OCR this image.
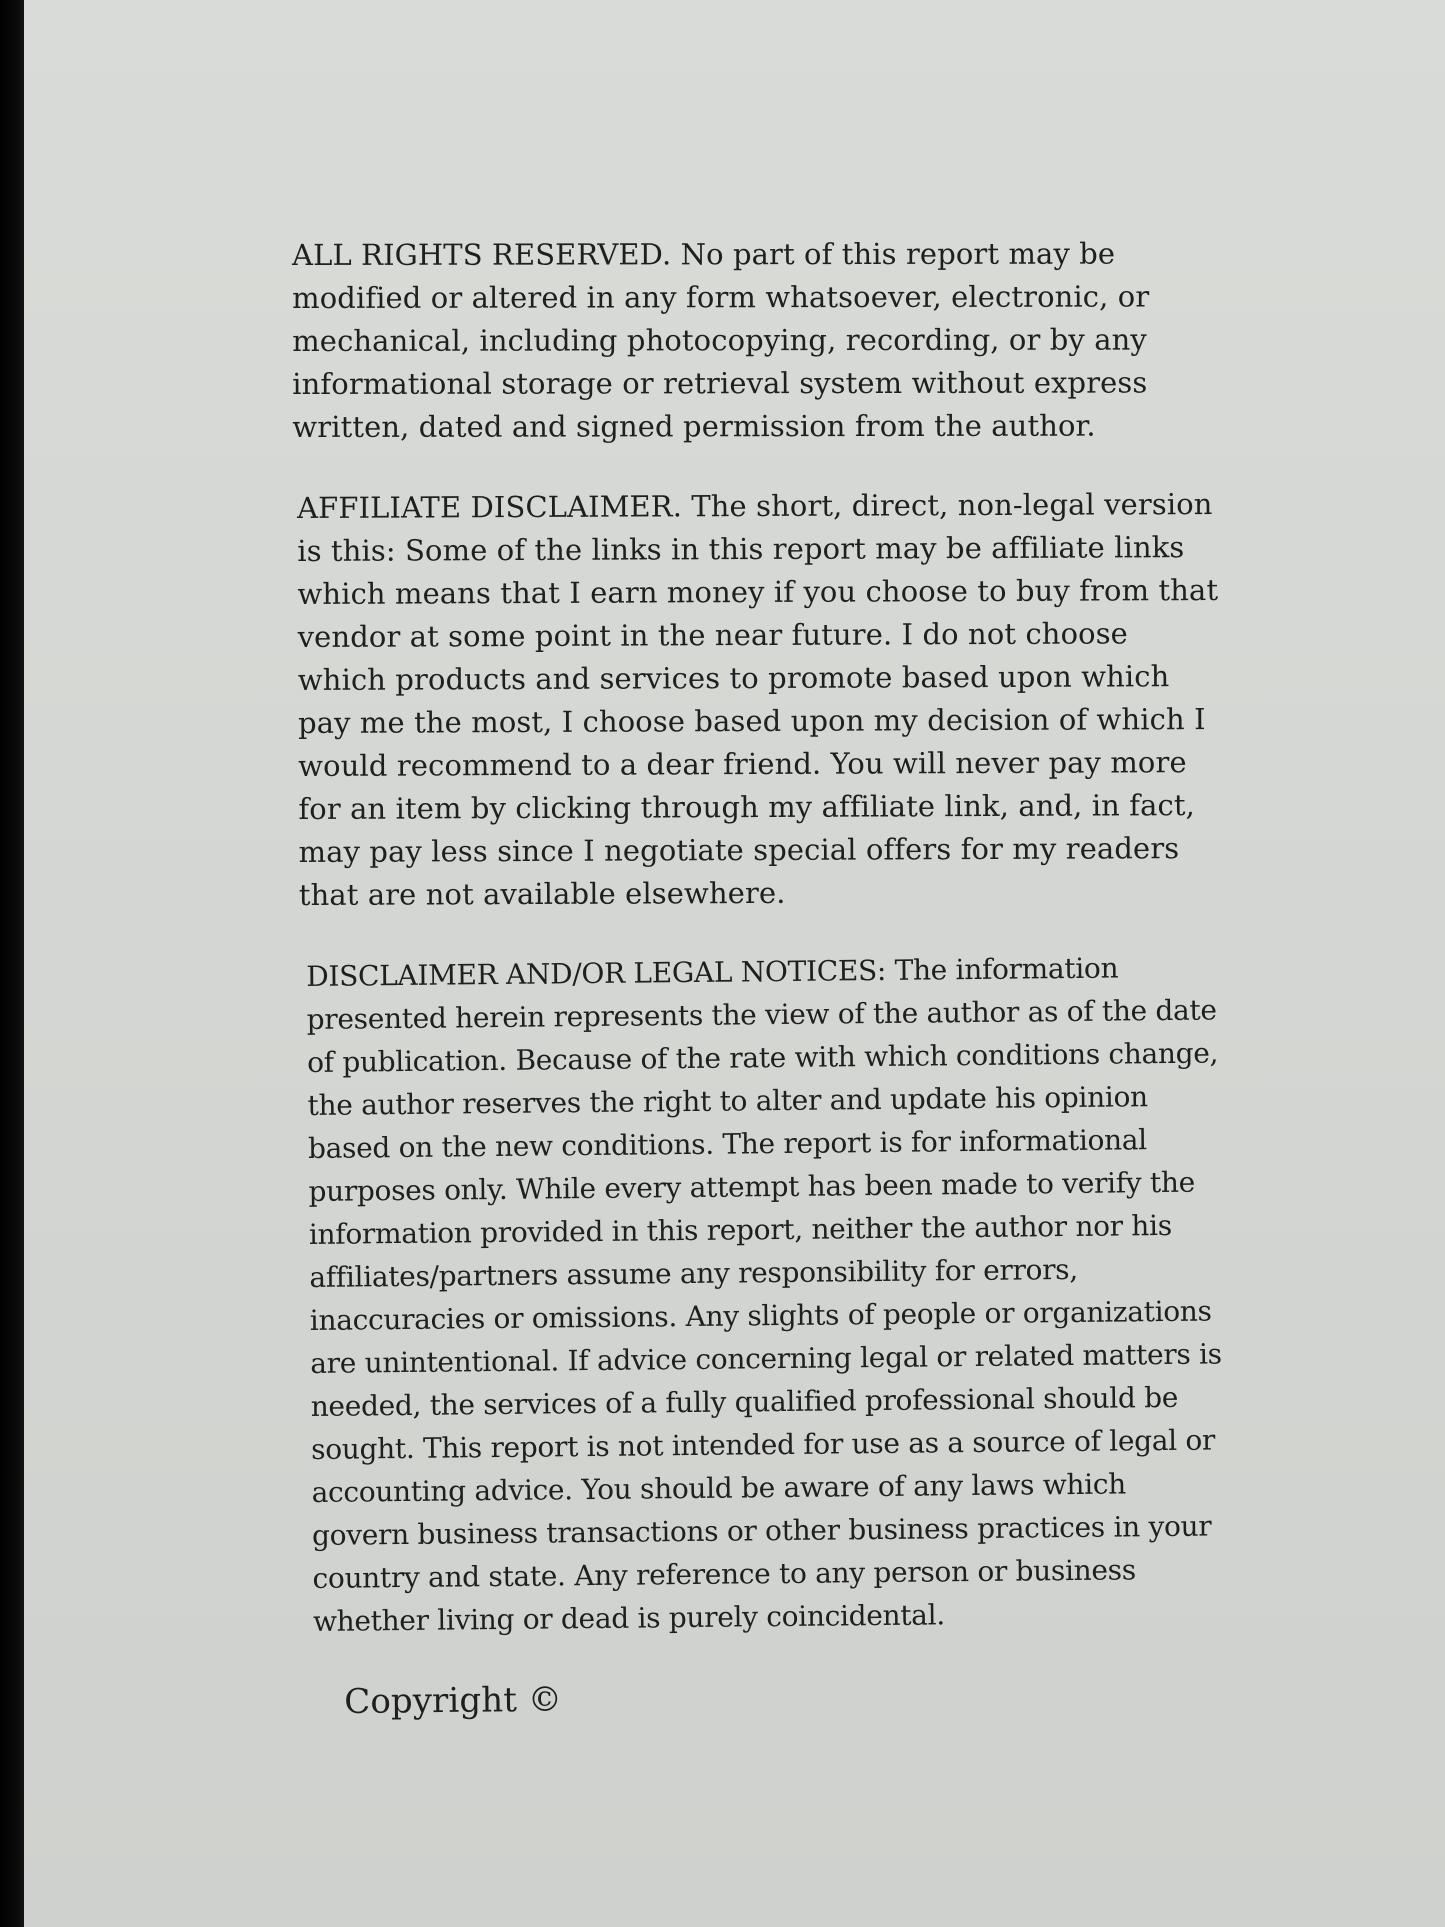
ALL RIGHTS RESERVED. No part of this report may be modified or altered in any form whatsoever, electronic, or mechanical, including photocopying, recording, or by any informational storage or retrieval system without express written, dated and signed permission from the author.

AFFILIATE DISCLAIMER. The short, direct, non-legal version is this: Some of the links in this report may be affiliate links which means that I earn money if you choose to buy from that vendor at some point in the near future. I do not choose which products and services to promote based upon which pay me the most, I choose based upon my decision of which I would recommend to a dear friend. You will never pay more for an item by clicking through my affiliate link, and, in fact, may pay less since I negotiate special offers for my readers that are not available elsewhere.

DISCLAIMER AND/OR LEGAL NOTICES: The information presented herein represents the view of the author as of the date of publication. Because of the rate with which conditions change, the author reserves the right to alter and update his opinion based on the new conditions. The report is for informational purposes only. While every attempt has been made to verify the information provided in this report, neither the author nor his affiliates/partners assume any responsibility for errors, inaccuracies or omissions. Any slights of people or organizations are unintentional. If advice concerning legal or related matters is needed, the services of a fully qualified professional should be sought. This report is not intended for use as a source of legal or accounting advice. You should be aware of any laws which govern business transactions or other business practices in your country and state. Any reference to any person or business whether living or dead is purely coincidental.

Copyright ©
